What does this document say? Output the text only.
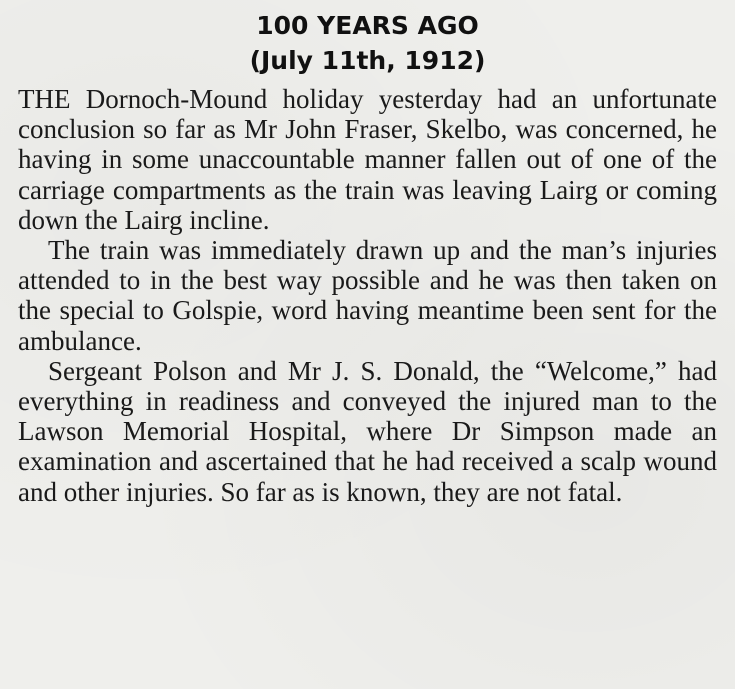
100 YEARS AGO
(July 11th, 1912)

THE Dornoch-Mound holiday yesterday had an unfortunate conclusion so far as Mr John Fraser, Skelbo, was concerned, he having in some unaccountable manner fallen out of one of the carriage compartments as the train was leaving Lairg or coming down the Lairg incline.

The train was immediately drawn up and the man’s injuries attended to in the best way possible and he was then taken on the special to Golspie, word having meantime been sent for the ambulance.

Sergeant Polson and Mr J. S. Donald, the “Welcome,” had everything in readiness and conveyed the injured man to the Lawson Memorial Hospital, where Dr Simpson made an examination and ascertained that he had received a scalp wound and other injuries. So far as is known, they are not fatal.
